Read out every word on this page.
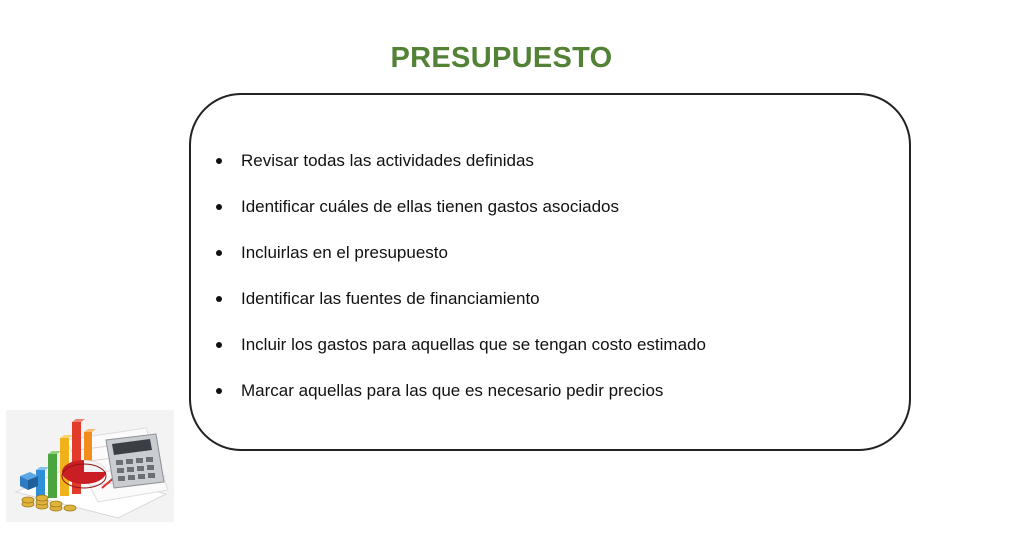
PRESUPUESTO
Revisar todas las actividades definidas
Identificar cuáles de ellas tienen gastos asociados
Incluirlas en el presupuesto
Identificar las fuentes de financiamiento
Incluir los gastos para aquellas que se tengan costo estimado
Marcar aquellas para las que es necesario pedir precios
